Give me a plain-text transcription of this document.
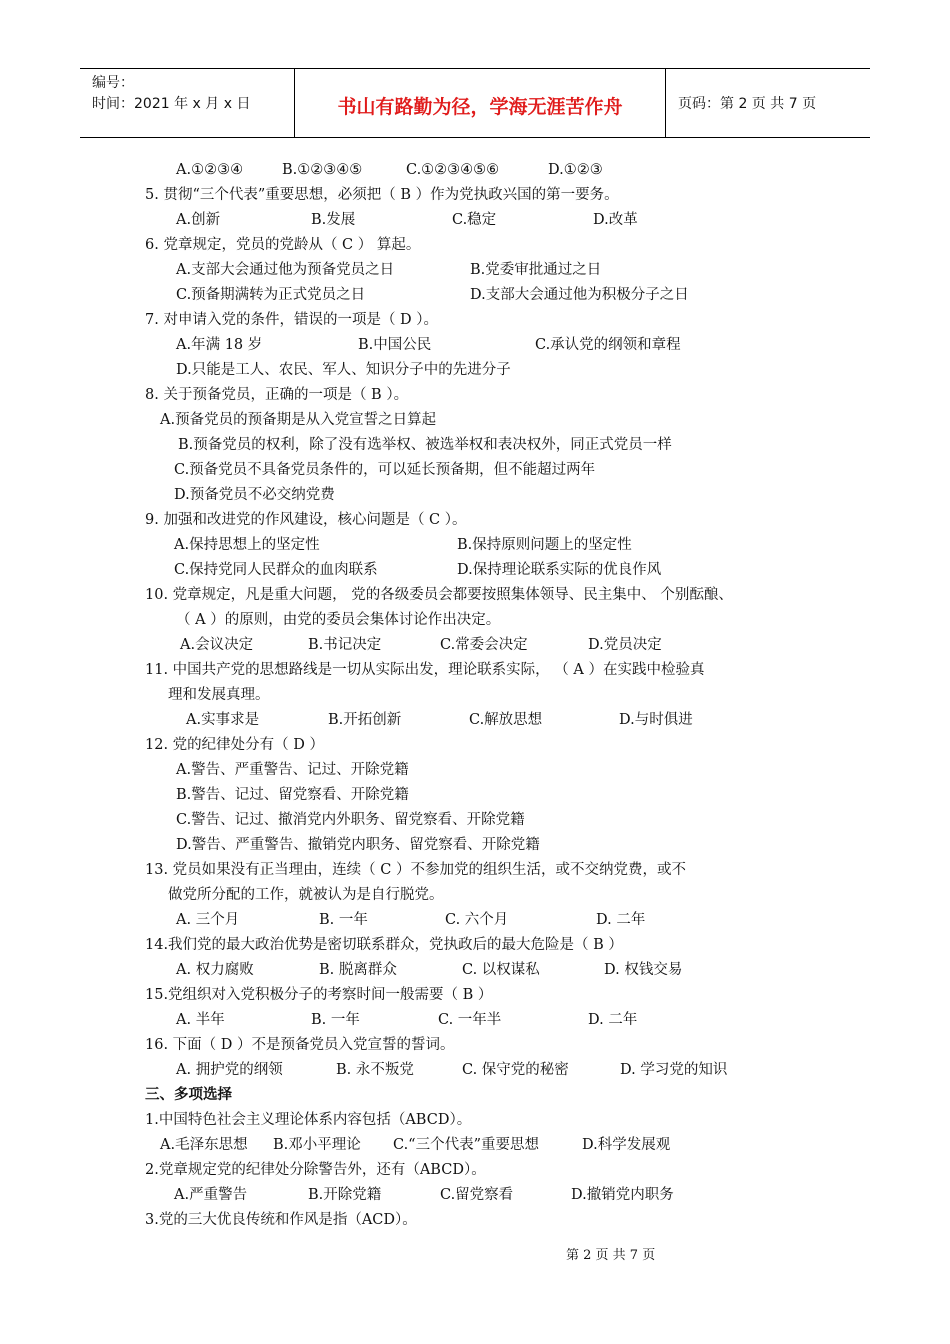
编号：
时间：2021 年 x 月 x 日	书山有路勤为径，学海无涯苦作舟	页码：第 2 页 共 7 页
A.①②③④	B.①②③④⑤	C.①②③④⑤⑥	D.①②③
5. 贯彻“三个代表”重要思想，必须把（ B ）作为党执政兴国的第一要务。
A.创新	B.发展	C.稳定	D.改革
6. 党章规定，党员的党龄从（ C ） 算起。
A.支部大会通过他为预备党员之日	B.党委审批通过之日
C.预备期满转为正式党员之日	D.支部大会通过他为积极分子之日
7. 对申请入党的条件，错误的一项是（ D ）。
A.年满 18 岁	B.中国公民	C.承认党的纲领和章程
D.只能是工人、农民、军人、知识分子中的先进分子
8. 关于预备党员，正确的一项是（ B ）。
A.预备党员的预备期是从入党宣誓之日算起
B.预备党员的权利，除了没有选举权、被选举权和表决权外，同正式党员一样
C.预备党员不具备党员条件的，可以延长预备期，但不能超过两年
D.预备党员不必交纳党费
9. 加强和改进党的作风建设，核心问题是（ C ）。
A.保持思想上的坚定性	B.保持原则问题上的坚定性
C.保持党同人民群众的血肉联系	D.保持理论联系实际的优良作风
10. 党章规定，凡是重大问题， 党的各级委员会都要按照集体领导、民主集中、 个别酝酿、
（ A ）的原则，由党的委员会集体讨论作出决定。
A.会议决定	B.书记决定	C.常委会决定	D.党员决定
11. 中国共产党的思想路线是一切从实际出发，理论联系实际， （ A ）在实践中检验真
理和发展真理。
A.实事求是	B.开拓创新	C.解放思想	D.与时俱进
12. 党的纪律处分有（ D ）
A.警告、严重警告、记过、开除党籍
B.警告、记过、留党察看、开除党籍
C.警告、记过、撤消党内外职务、留党察看、开除党籍
D.警告、严重警告、撤销党内职务、留党察看、开除党籍
13. 党员如果没有正当理由，连续（ C ）不参加党的组织生活，或不交纳党费，或不
做党所分配的工作，就被认为是自行脱党。
A. 三个月	B. 一年	C. 六个月	D. 二年
14.我们党的最大政治优势是密切联系群众，党执政后的最大危险是（ B ）
A. 权力腐败	B. 脱离群众	C. 以权谋私	D. 权钱交易
15.党组织对入党积极分子的考察时间一般需要（ B ）
A. 半年	B. 一年	C. 一年半	D. 二年
16. 下面（ D ）不是预备党员入党宣誓的誓词。
A. 拥护党的纲领	B. 永不叛党	C. 保守党的秘密	D. 学习党的知识
三、多项选择
1.中国特色社会主义理论体系内容包括（ABCD）。
A.毛泽东思想 B.邓小平理论 C.“三个代表”重要思想	D.科学发展观
2.党章规定党的纪律处分除警告外，还有（ABCD）。
A.严重警告	B.开除党籍	C.留党察看	D.撤销党内职务
3.党的三大优良传统和作风是指（ACD）。
第 2 页 共 7 页
